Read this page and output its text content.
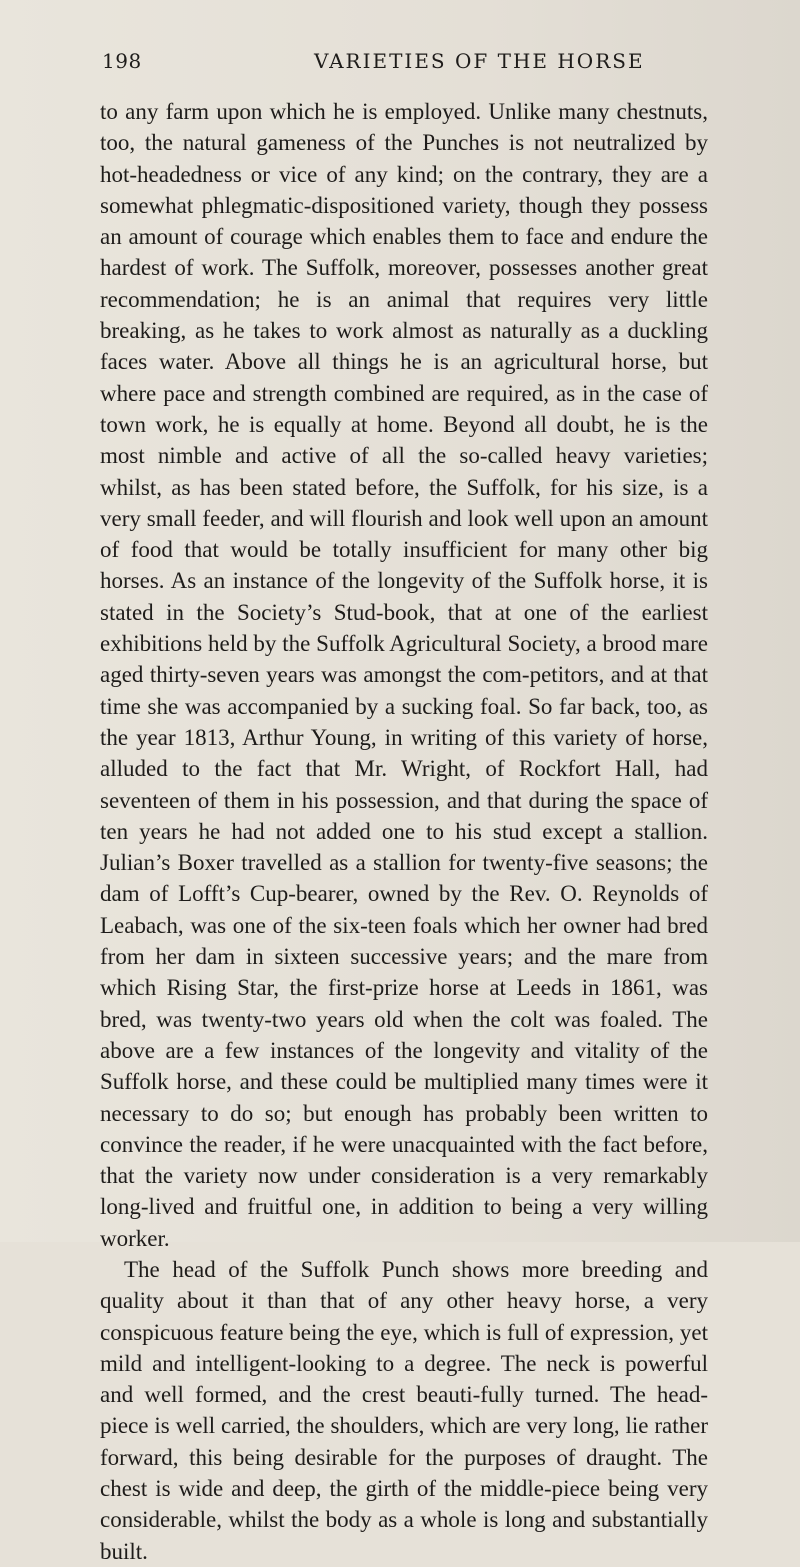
198	VARIETIES OF THE HORSE

to any farm upon which he is employed. Unlike many chestnuts, too, the natural gameness of the Punches is not neutralized by hot-headedness or vice of any kind; on the contrary, they are a somewhat phlegmatic-dispositioned variety, though they possess an amount of courage which enables them to face and endure the hardest of work. The Suffolk, moreover, possesses another great recommendation; he is an animal that requires very little breaking, as he takes to work almost as naturally as a duckling faces water. Above all things he is an agricultural horse, but where pace and strength combined are required, as in the case of town work, he is equally at home. Beyond all doubt, he is the most nimble and active of all the so-called heavy varieties; whilst, as has been stated before, the Suffolk, for his size, is a very small feeder, and will flourish and look well upon an amount of food that would be totally insufficient for many other big horses. As an instance of the longevity of the Suffolk horse, it is stated in the Society’s Stud-book, that at one of the earliest exhibitions held by the Suffolk Agricultural Society, a brood mare aged thirty-seven years was amongst the com-petitors, and at that time she was accompanied by a sucking foal. So far back, too, as the year 1813, Arthur Young, in writing of this variety of horse, alluded to the fact that Mr. Wright, of Rockfort Hall, had seventeen of them in his possession, and that during the space of ten years he had not added one to his stud except a stallion. Julian’s Boxer travelled as a stallion for twenty-five seasons; the dam of Lofft’s Cup-bearer, owned by the Rev. O. Reynolds of Leabach, was one of the six-teen foals which her owner had bred from her dam in sixteen successive years; and the mare from which Rising Star, the first-prize horse at Leeds in 1861, was bred, was twenty-two years old when the colt was foaled. The above are a few instances of the longevity and vitality of the Suffolk horse, and these could be multiplied many times were it necessary to do so; but enough has probably been written to convince the reader, if he were unacquainted with the fact before, that the variety now under consideration is a very remarkably long-lived and fruitful one, in addition to being a very willing worker.

The head of the Suffolk Punch shows more breeding and quality about it than that of any other heavy horse, a very conspicuous feature being the eye, which is full of expression, yet mild and intelligent-looking to a degree. The neck is powerful and well formed, and the crest beauti-fully turned. The head-piece is well carried, the shoulders, which are very long, lie rather forward, this being desirable for the purposes of draught. The chest is wide and deep, the girth of the middle-piece being very considerable, whilst the body as a whole is long and substantially built.
